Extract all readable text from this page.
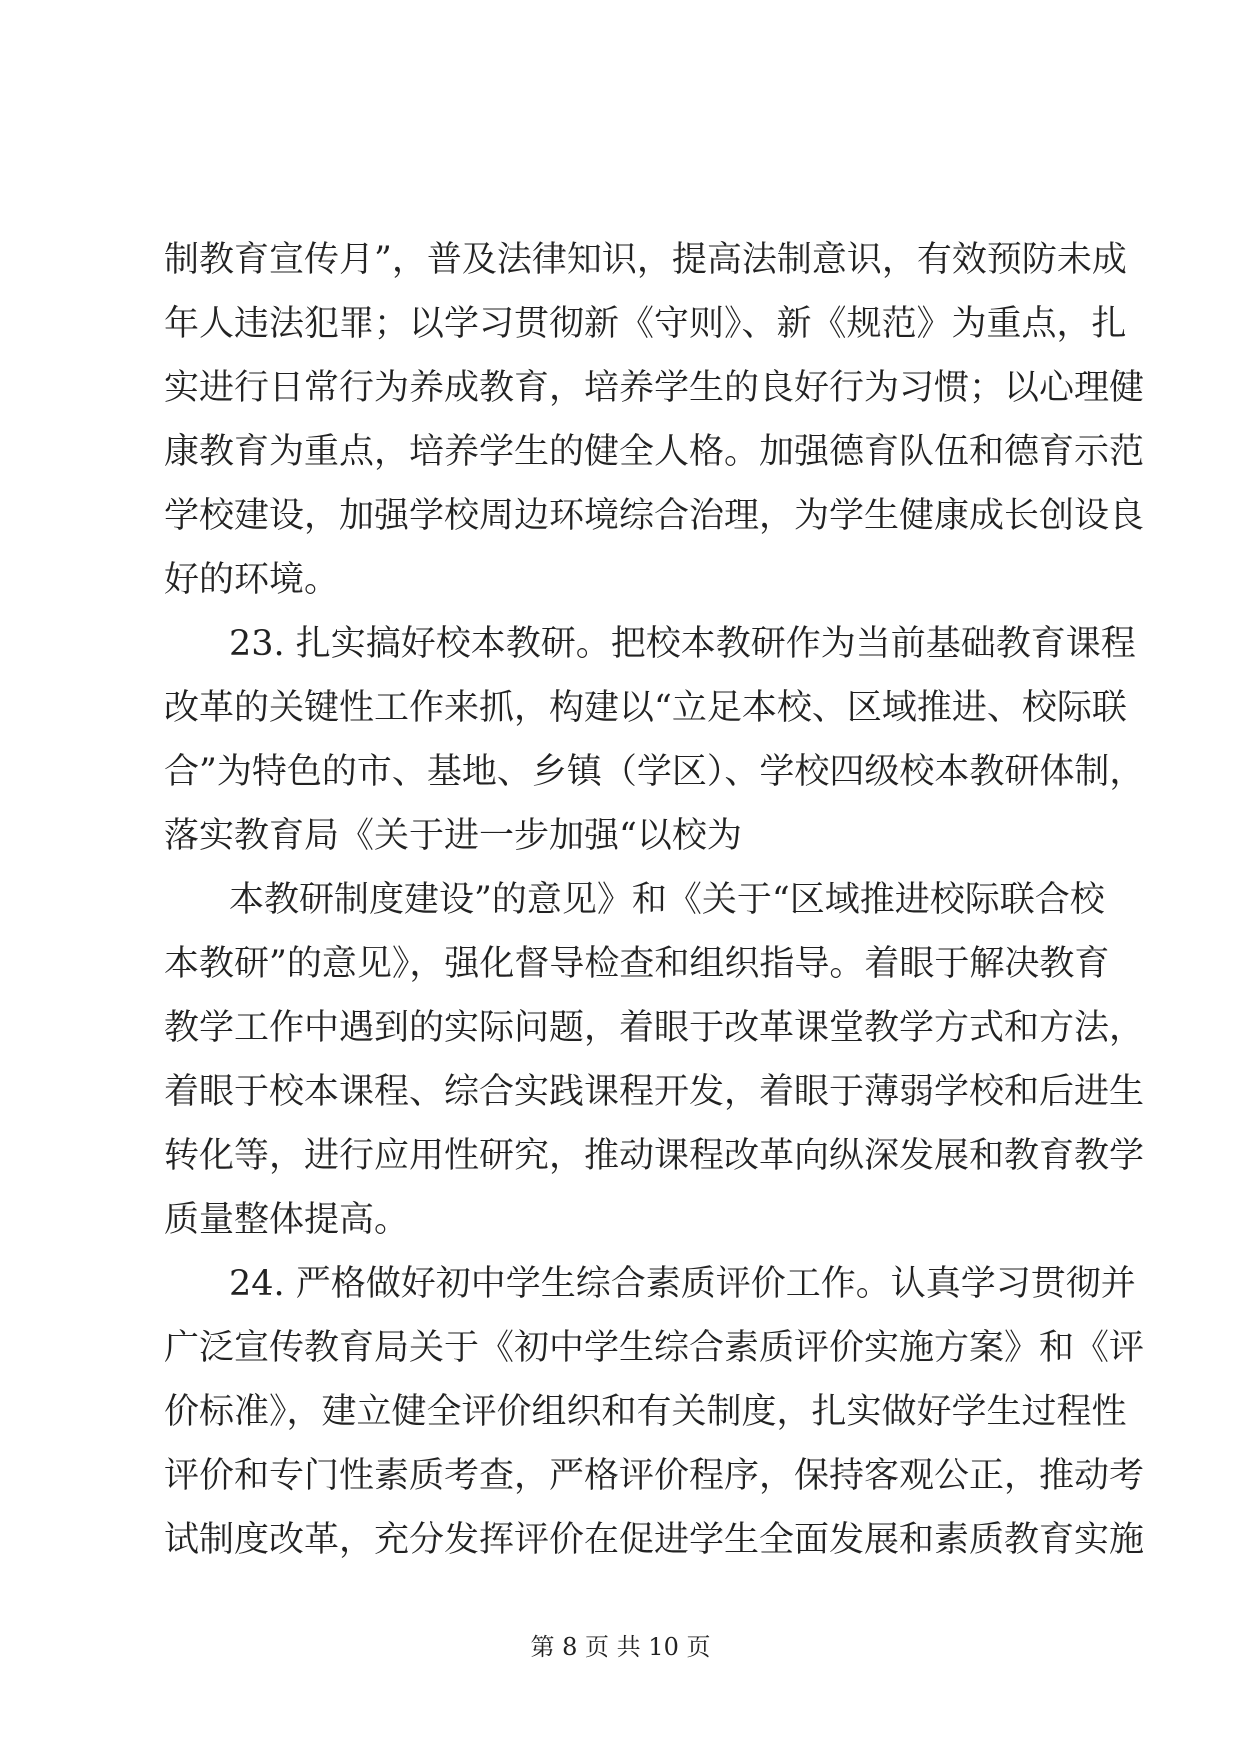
制教育宣传月”，普及法律知识，提高法制意识，有效预防未成
年人违法犯罪；以学习贯彻新《守则》、新《规范》为重点，扎
实进行日常行为养成教育，培养学生的良好行为习惯；以心理健
康教育为重点，培养学生的健全人格。加强德育队伍和德育示范
学校建设，加强学校周边环境综合治理，为学生健康成长创设良
好的环境。
23. 扎实搞好校本教研。把校本教研作为当前基础教育课程
改革的关键性工作来抓，构建以“立足本校、区域推进、校际联
合”为特色的市、基地、乡镇（学区）、学校四级校本教研体制，
落实教育局《关于进一步加强“以校为
本教研制度建设”的意见》和《关于“区域推进校际联合校
本教研”的意见》，强化督导检查和组织指导。着眼于解决教育
教学工作中遇到的实际问题，着眼于改革课堂教学方式和方法，
着眼于校本课程、综合实践课程开发，着眼于薄弱学校和后进生
转化等，进行应用性研究，推动课程改革向纵深发展和教育教学
质量整体提高。
24. 严格做好初中学生综合素质评价工作。认真学习贯彻并
广泛宣传教育局关于《初中学生综合素质评价实施方案》和《评
价标准》，建立健全评价组织和有关制度，扎实做好学生过程性
评价和专门性素质考查，严格评价程序，保持客观公正，推动考
试制度改革，充分发挥评价在促进学生全面发展和素质教育实施
第 8 页 共 10 页
